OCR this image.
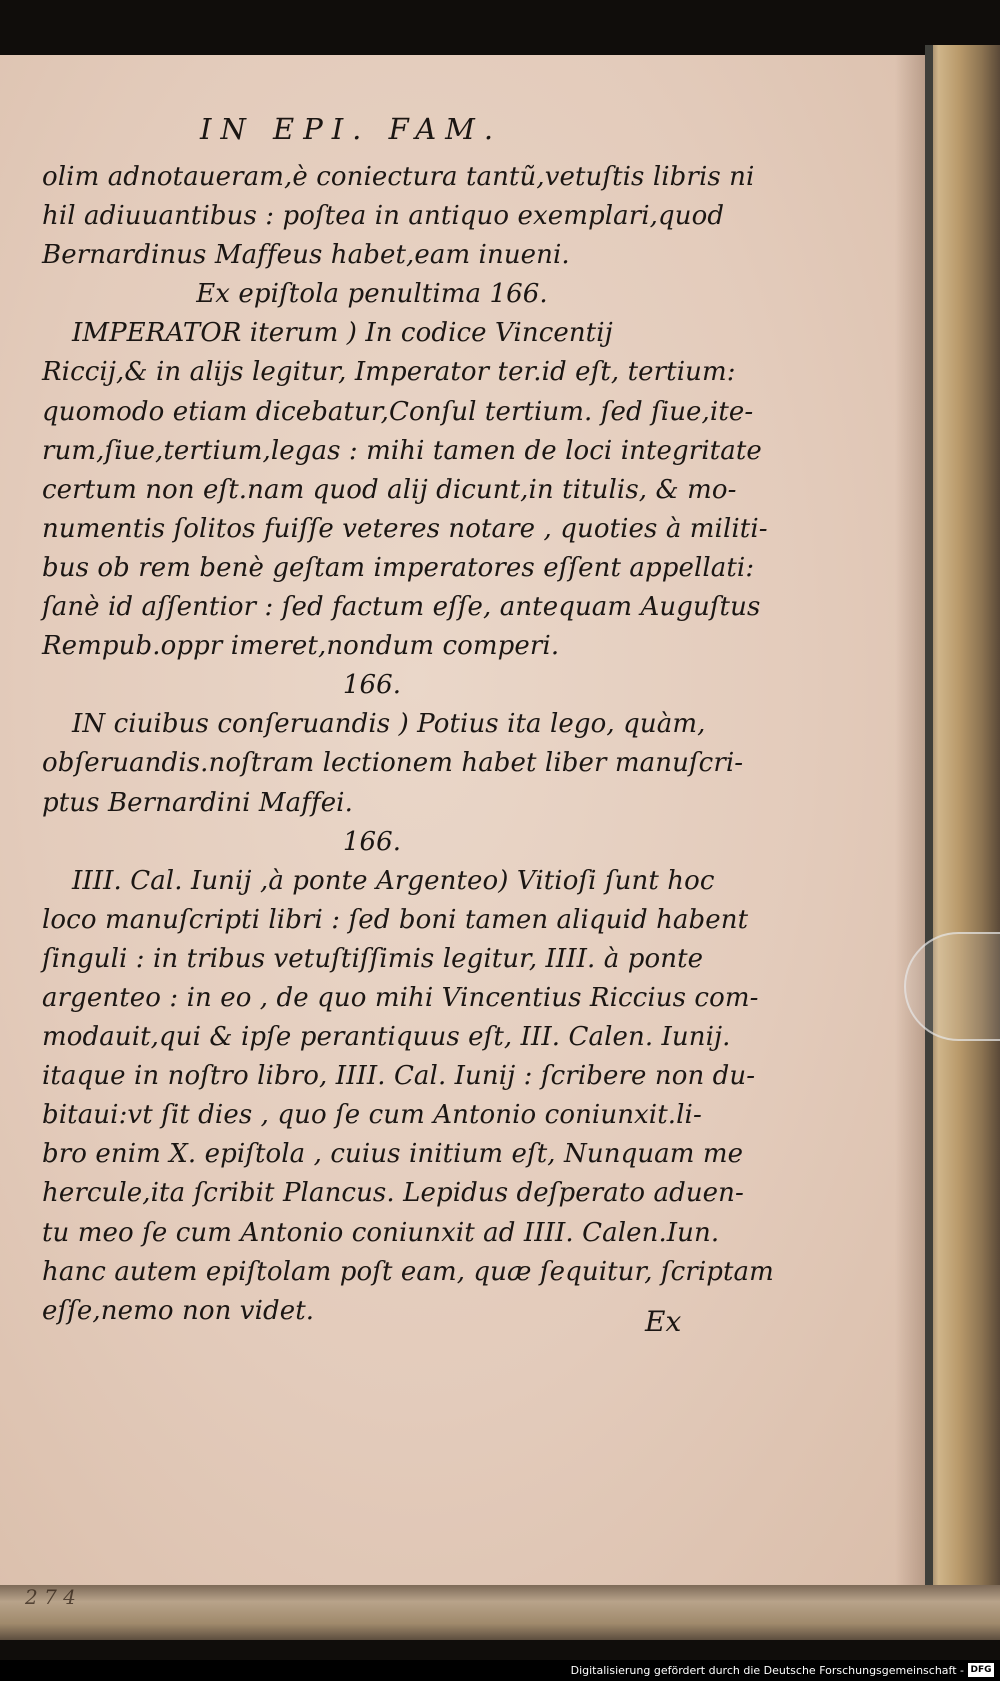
IN EPI. FAM.
olim adnotaueram,è coniectura tantũ,vetuſtis libris ni
hil adiuuantibus : poſtea in antiquo exemplari,quod
Bernardinus Maffeus habet,eam inueni.
Ex epiſtola penultima 166.
IMPERATOR iterum ) In codice Vincentij
Riccij,& in alijs legitur, Imperator ter.id eſt, tertium:
quomodo etiam dicebatur,Conſul tertium. ſed ſiue,ite-
rum,ſiue,tertium,legas : mihi tamen de loci integritate
certum non eſt.nam quod alij dicunt,in titulis, & mo-
numentis ſolitos fuiſſe veteres notare , quoties à militi-
bus ob rem benè geſtam imperatores eſſent appellati:
ſanè id aſſentior : ſed factum eſſe, antequam Auguſtus
Rempub.oppr imeret,nondum comperi.
166.
IN ciuibus conſeruandis ) Potius ita lego, quàm,
obſeruandis.noſtram lectionem habet liber manuſcri-
ptus Bernardini Maffei.
166.
IIII. Cal. Iunij ,à ponte Argenteo) Vitioſi ſunt hoc
loco manuſcripti libri : ſed boni tamen aliquid habent
ſinguli : in tribus vetuſtiſſimis legitur, IIII. à ponte
argenteo : in eo , de quo mihi Vincentius Riccius com-
modauit,qui & ipſe perantiquus eſt, III. Calen. Iunij.
itaque in noſtro libro, IIII. Cal. Iunij : ſcribere non du-
bitaui:vt ſit dies , quo ſe cum Antonio coniunxit.li-
bro enim X. epiſtola , cuius initium eſt, Nunquam me
hercule,ita ſcribit Plancus. Lepidus deſperato aduen-
tu meo ſe cum Antonio coniunxit ad IIII. Calen.Iun.
hanc autem epiſtolam poſt eam, quæ ſequitur, ſcriptam
eſſe,nemo non videt.	Ex
2 7 4
Digitalisierung gefördert durch die Deutsche Forschungsgemeinschaft - DFG
